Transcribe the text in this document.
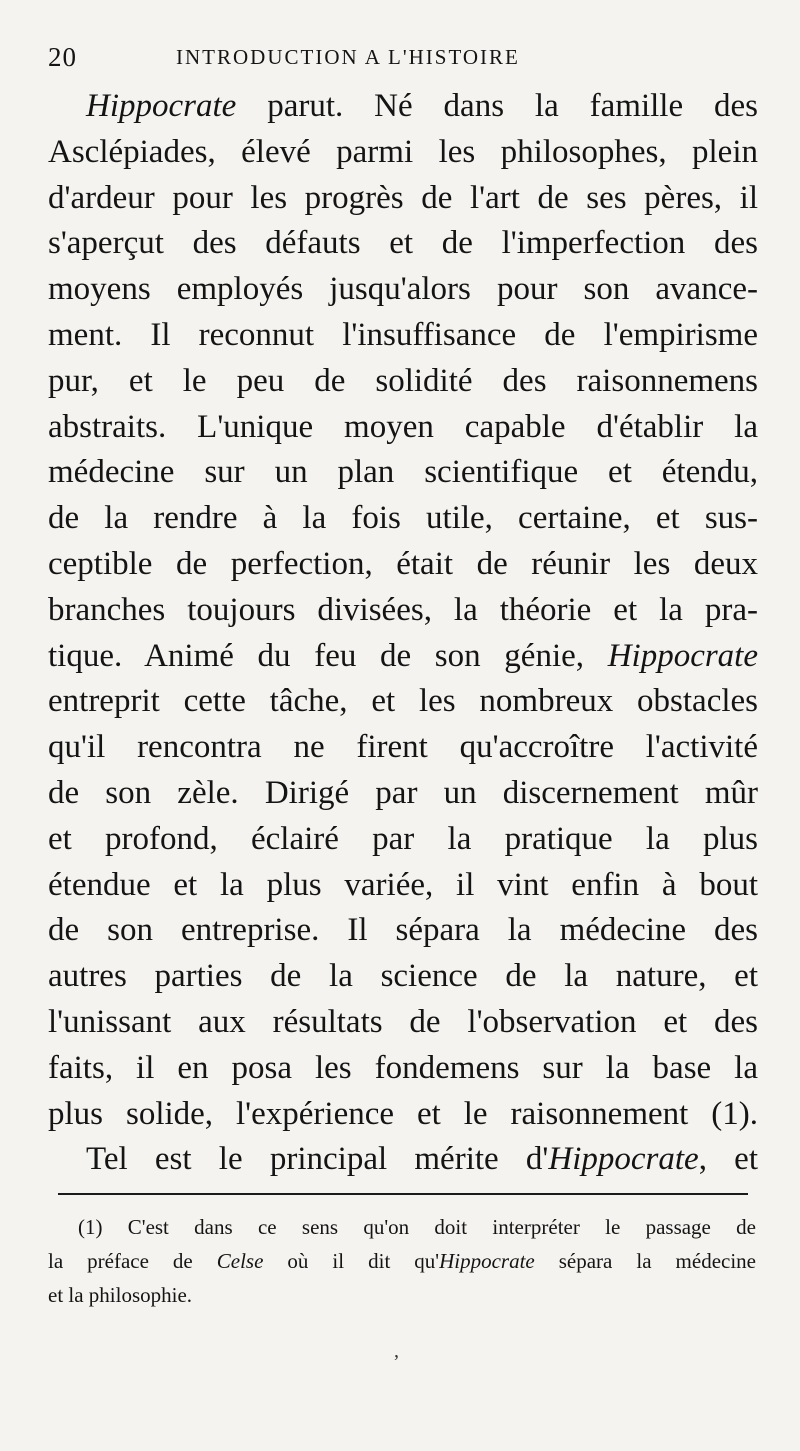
20	INTRODUCTION A L'HISTOIRE
Hippocrate parut. Né dans la famille des
Asclépiades, élevé parmi les philosophes, plein
d'ardeur pour les progrès de l'art de ses pères, il
s'aperçut des défauts et de l'imperfection des
moyens employés jusqu'alors pour son avance-
ment. Il reconnut l'insuffisance de l'empirisme
pur, et le peu de solidité des raisonnemens
abstraits. L'unique moyen capable d'établir la
médecine sur un plan scientifique et étendu,
de la rendre à la fois utile, certaine, et sus-
ceptible de perfection, était de réunir les deux
branches toujours divisées, la théorie et la pra-
tique. Animé du feu de son génie, Hippocrate
entreprit cette tâche, et les nombreux obstacles
qu'il rencontra ne firent qu'accroître l'activité
de son zèle. Dirigé par un discernement mûr
et profond, éclairé par la pratique la plus
étendue et la plus variée, il vint enfin à bout
de son entreprise. Il sépara la médecine des
autres parties de la science de la nature, et
l'unissant aux résultats de l'observation et des
faits, il en posa les fondemens sur la base la
plus solide, l'expérience et le raisonnement (1).
Tel est le principal mérite d'Hippocrate, et
(1) C'est dans ce sens qu'on doit interpréter le passage de
la préface de Celse où il dit qu'Hippocrate sépara la médecine
et la philosophie.
,
